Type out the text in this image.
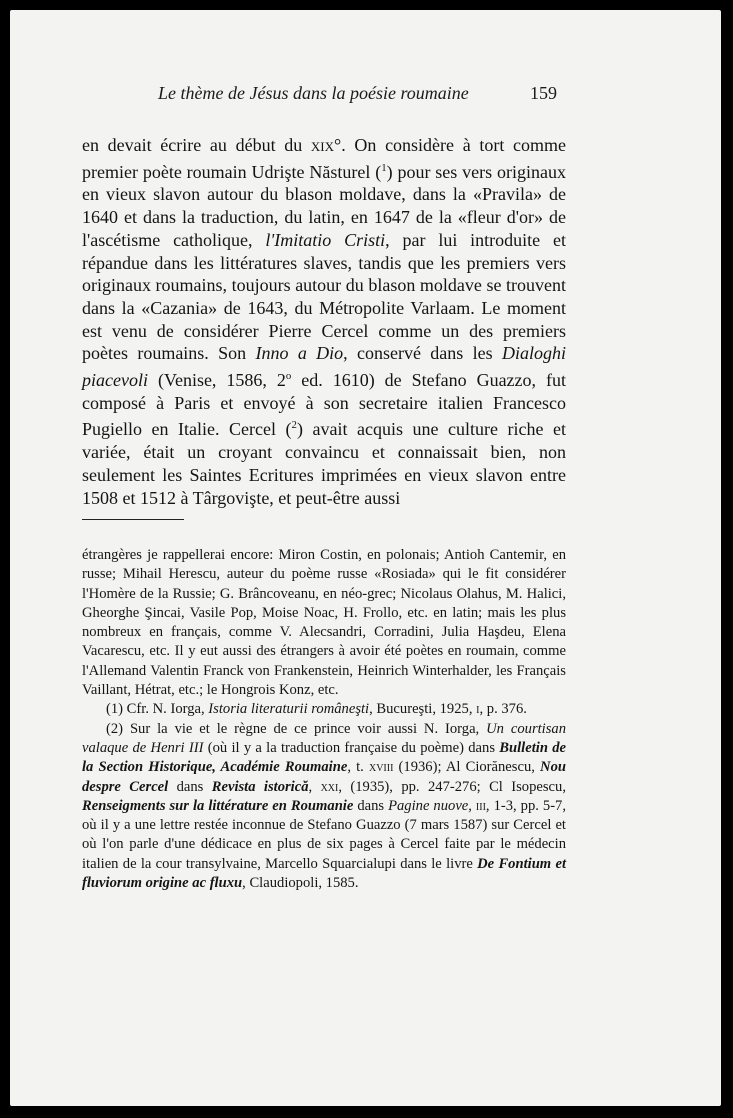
Le thème de Jésus dans la poésie roumaine	159

en devait écrire au début du xix°. On considère à tort comme premier poète roumain Udrişte Năsturel ($^1$) pour ses vers originaux en vieux slavon autour du blason moldave, dans la «Pravila» de 1640 et dans la traduction, du latin, en 1647 de la «fleur d'or» de l'ascétisme catholique, l'Imitatio Cristi, par lui introduite et répandue dans les littératures slaves, tandis que les premiers vers originaux roumains, toujours autour du blason moldave se trouvent dans la «Cazania» de 1643, du Métropolite Varlaam. Le moment est venu de considérer Pierre Cercel comme un des premiers poètes roumains. Son Inno a Dio, conservé dans les Dialoghi piacevoli (Venise, 1586, 2$^o$ ed. 1610) de Stefano Guazzo, fut composé à Paris et envoyé à son secretaire italien Francesco Pugiello en Italie. Cercel ($^2$) avait acquis une culture riche et variée, était un croyant convaincu et connaissait bien, non seulement les Saintes Ecritures imprimées en vieux slavon entre 1508 et 1512 à Târgovişte, et peut-être aussi

étrangères je rappellerai encore: Miron Costin, en polonais; Antioh Cantemir, en russe; Mihail Herescu, auteur du poème russe «Rosiada» qui le fit considérer l'Homère de la Russie; G. Brâncoveanu, en néo-grec; Nicolaus Olahus, M. Halici, Gheorghe Şincai, Vasile Pop, Moise Noac, H. Frollo, etc. en latin; mais les plus nombreux en français, comme V. Alecsandri, Corradini, Julia Haşdeu, Elena Vacarescu, etc. Il y eut aussi des étrangers à avoir été poètes en roumain, comme l'Allemand Valentin Franck von Frankenstein, Heinrich Winterhalder, les Français Vaillant, Hétrat, etc.; le Hongrois Konz, etc.

(1) Cfr. N. Iorga, Istoria literaturii româneşti, Bucureşti, 1925, i, p. 376.

(2) Sur la vie et le règne de ce prince voir aussi N. Iorga, Un courtisan valaque de Henri III (où il y a la traduction française du poème) dans Bulletin de la Section Historique, Académie Roumaine, t. xviii (1936); Al Ciorănescu, Nou despre Cercel dans Revista istorică, xxi, (1935), pp. 247-276; Cl Isopescu, Renseigments sur la littérature en Roumanie dans Pagine nuove, iii, 1-3, pp. 5-7, où il y a une lettre restée inconnue de Stefano Guazzo (7 mars 1587) sur Cercel et où l'on parle d'une dédicace en plus de six pages à Cercel faite par le médecin italien de la cour transylvaine, Marcello Squarcialupi dans le livre De Fontium et fluviorum origine ac fluxu, Claudiopoli, 1585.
